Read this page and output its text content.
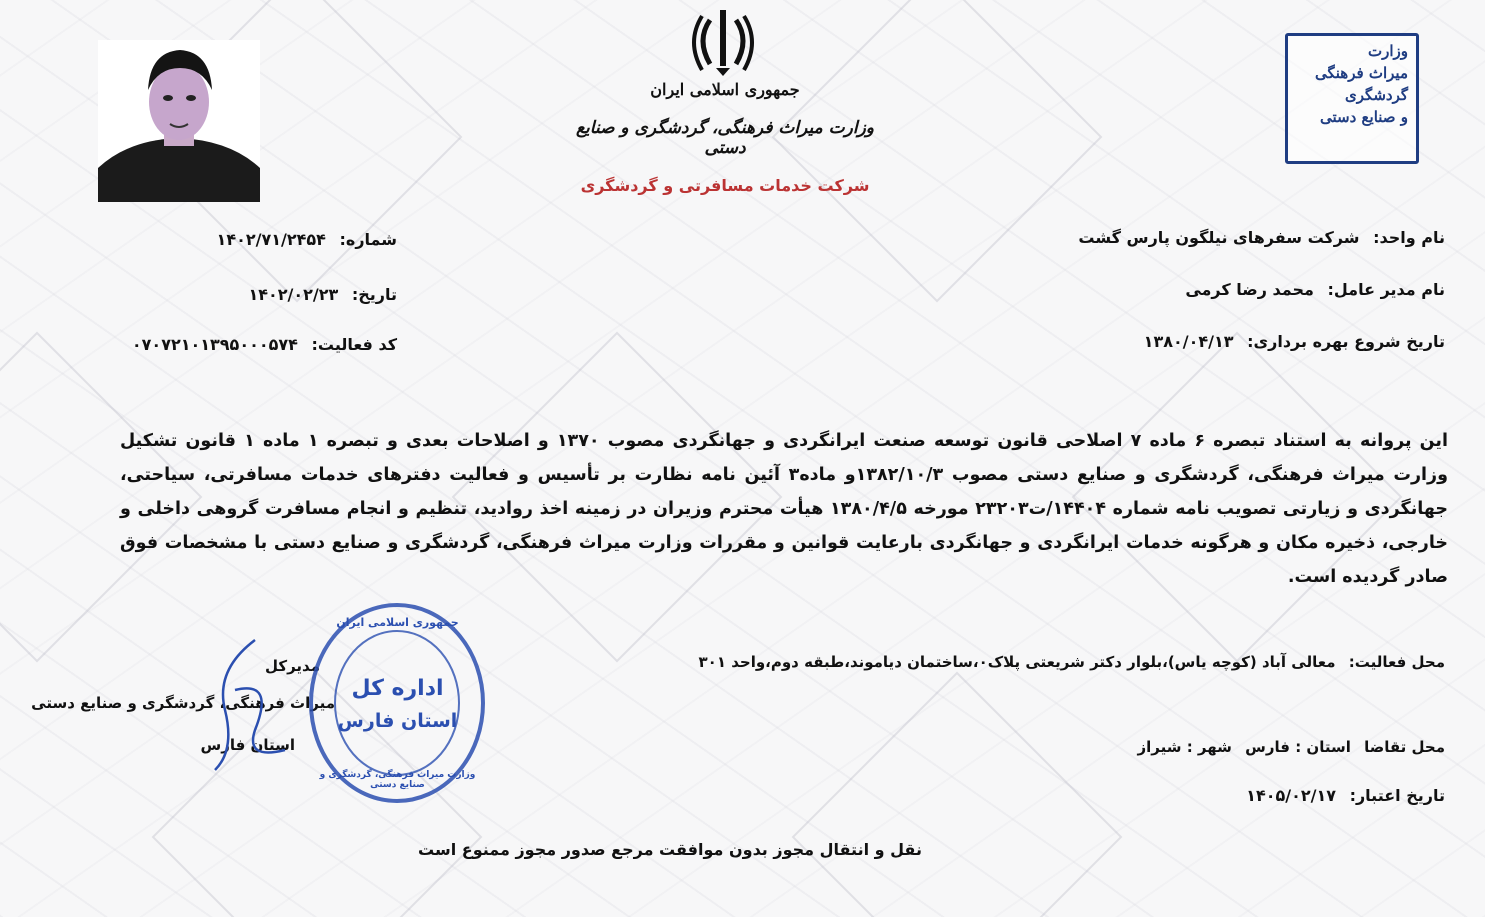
جمهوری اسلامی ایران
وزارت میراث فرهنگی، گردشگری و صنایع دستی
شرکت خدمات مسافرتی و گردشگری
وزارت
میراث فرهنگی
گردشگری
و صنایع دستی
شماره: ۱۴۰۲/۷۱/۲۴۵۴
تاریخ: ۱۴۰۲/۰۲/۲۳
کد فعالیت: ۰۷۰۷۲۱۰۱۳۹۵۰۰۰۵۷۴
نام واحد: شرکت سفرهای نیلگون پارس گشت
نام مدیر عامل: محمد رضا کرمی
تاریخ شروع بهره برداری: ۱۳۸۰/۰۴/۱۳
این پروانه به استناد تبصره ۶ ماده ۷ اصلاحی قانون توسعه صنعت ایرانگردی و جهانگردی مصوب ۱۳۷۰ و اصلاحات بعدی و تبصره ۱ ماده ۱ قانون تشکیل وزارت میراث فرهنگی، گردشگری و صنایع دستی مصوب ۱۳۸۲/۱۰/۳و ماده۳ آئین نامه نظارت بر تأسیس و فعالیت دفترهای خدمات مسافرتی، سیاحتی، جهانگردی و زیارتی تصویب نامه شماره ۱۴۴۰۴/ت۲۳۲۰۳ مورخه ۱۳۸۰/۴/۵ هیأت محترم وزیران در زمینه اخذ روادید، تنظیم و انجام مسافرت گروهی داخلی و خارجی، ذخیره مکان و هرگونه خدمات ایرانگردی و جهانگردی بارعایت قوانین و مقررات وزارت میراث فرهنگی، گردشگری و صنایع دستی با مشخصات فوق صادر گردیده است.
محل فعالیت: معالی آباد (کوچه یاس)،بلوار دکتر شریعتی پلاک۰،ساختمان دیاموند،طبقه دوم،واحد ۳۰۱
محل تقاضا استان : فارس شهر : شیراز
تاریخ اعتبار: ۱۴۰۵/۰۲/۱۷
مدیرکل
میراث فرهنگی، گردشگری و صنایع دستی
استان فارس
جمهوری اسلامی ایران
اداره کل
استان فارس
وزارت میراث فرهنگی، گردشگری و صنایع دستی
نقل و انتقال مجوز بدون موافقت مرجع صدور مجوز ممنوع است
